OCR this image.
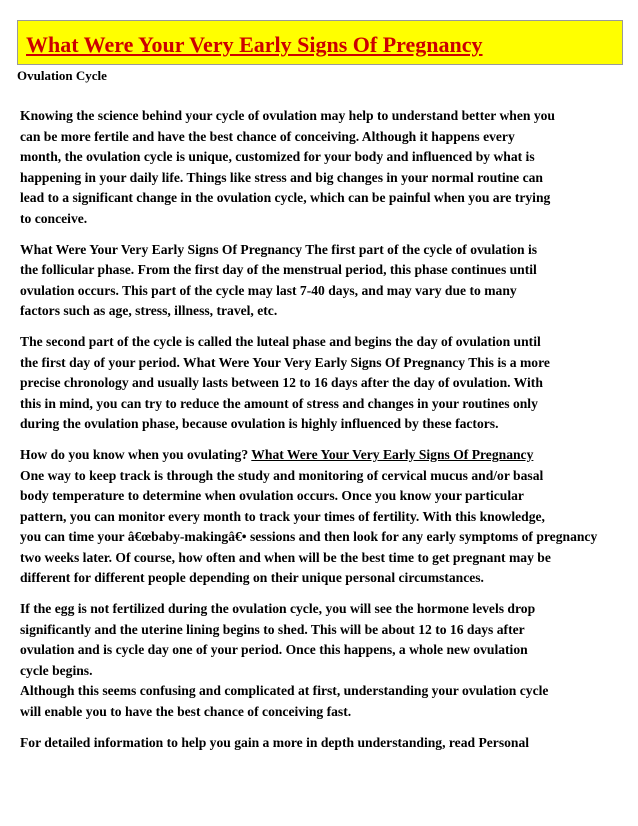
What Were Your Very Early Signs Of Pregnancy
Ovulation Cycle

Knowing the science behind your cycle of ovulation may help to understand better when you
can be more fertile and have the best chance of conceiving. Although it happens every
month, the ovulation cycle is unique, customized for your body and influenced by what is
happening in your daily life. Things like stress and big changes in your normal routine can
lead to a significant change in the ovulation cycle, which can be painful when you are trying
to conceive.

What Were Your Very Early Signs Of Pregnancy The first part of the cycle of ovulation is
the follicular phase. From the first day of the menstrual period, this phase continues until
ovulation occurs. This part of the cycle may last 7-40 days, and may vary due to many
factors such as age, stress, illness, travel, etc.

The second part of the cycle is called the luteal phase and begins the day of ovulation until
the first day of your period. What Were Your Very Early Signs Of Pregnancy This is a more
precise chronology and usually lasts between 12 to 16 days after the day of ovulation. With
this in mind, you can try to reduce the amount of stress and changes in your routines only
during the ovulation phase, because ovulation is highly influenced by these factors.

How do you know when you ovulating? What Were Your Very Early Signs Of Pregnancy
One way to keep track is through the study and monitoring of cervical mucus and/or basal
body temperature to determine when ovulation occurs. Once you know your particular
pattern, you can monitor every month to track your times of fertility. With this knowledge,
you can time your â€œbaby-makingâ€• sessions and then look for any early symptoms of pregnancy
two weeks later. Of course, how often and when will be the best time to get pregnant may be
different for different people depending on their unique personal circumstances.

If the egg is not fertilized during the ovulation cycle, you will see the hormone levels drop
significantly and the uterine lining begins to shed. This will be about 12 to 16 days after
ovulation and is cycle day one of your period. Once this happens, a whole new ovulation
cycle begins.
Although this seems confusing and complicated at first, understanding your ovulation cycle
will enable you to have the best chance of conceiving fast.

For detailed information to help you gain a more in depth understanding, read Personal
